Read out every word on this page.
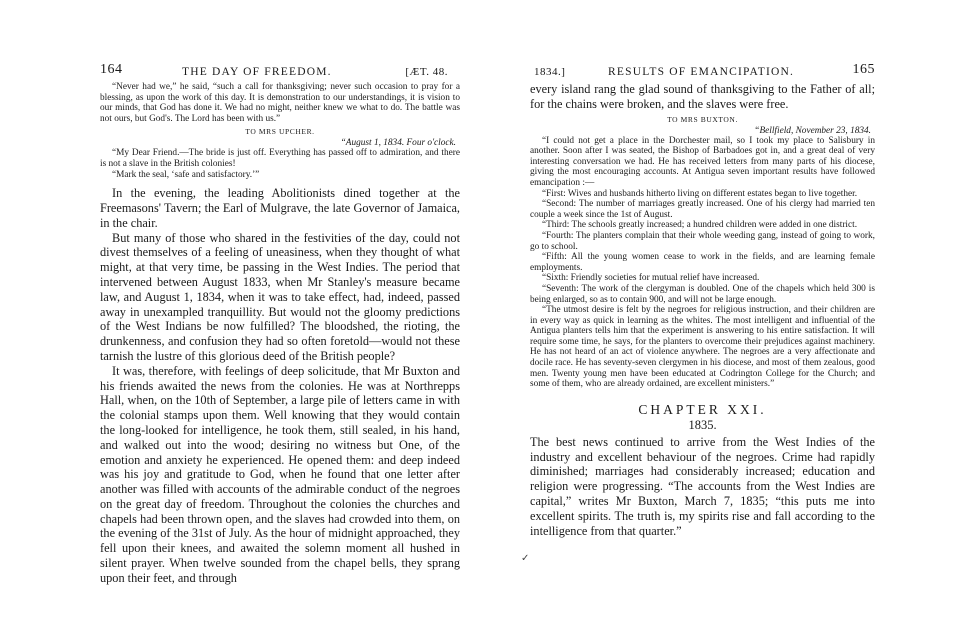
164	THE DAY OF FREEDOM.	[ÆT. 48.

“Never had we,” he said, “such a call for thanksgiving; never such occasion to pray for a blessing, as upon the work of this day. It is demonstration to our understandings, it is vision to our minds, that God has done it. We had no might, neither knew we what to do. The battle was not ours, but God's. The Lord has been with us.”

TO MRS UPCHER.
“August 1, 1834. Four o'clock.

“My Dear Friend.—The bride is just off. Everything has passed off to admiration, and there is not a slave in the British colonies!

“Mark the seal, ‘safe and satisfactory.’”

In the evening, the leading Abolitionists dined together at the Freemasons' Tavern; the Earl of Mulgrave, the late Governor of Jamaica, in the chair.

But many of those who shared in the festivities of the day, could not divest themselves of a feeling of uneasiness, when they thought of what might, at that very time, be passing in the West Indies. The period that intervened between August 1833, when Mr Stanley's measure became law, and August 1, 1834, when it was to take effect, had, indeed, passed away in unexampled tranquillity. But would not the gloomy predictions of the West Indians be now fulfilled? The bloodshed, the rioting, the drunkenness, and confusion they had so often foretold—would not these tarnish the lustre of this glorious deed of the British people?

It was, therefore, with feelings of deep solicitude, that Mr Buxton and his friends awaited the news from the colonies. He was at Northrepps Hall, when, on the 10th of September, a large pile of letters came in with the colonial stamps upon them. Well knowing that they would contain the long-looked for intelligence, he took them, still sealed, in his hand, and walked out into the wood; desiring no witness but One, of the emotion and anxiety he experienced. He opened them: and deep indeed was his joy and gratitude to God, when he found that one letter after another was filled with accounts of the admirable conduct of the negroes on the great day of freedom. Throughout the colonies the churches and chapels had been thrown open, and the slaves had crowded into them, on the evening of the 31st of July. As the hour of midnight approached, they fell upon their knees, and awaited the solemn moment all hushed in silent prayer. When twelve sounded from the chapel bells, they sprang upon their feet, and through

1834.]	RESULTS OF EMANCIPATION.	165

every island rang the glad sound of thanksgiving to the Father of all; for the chains were broken, and the slaves were free.

TO MRS BUXTON.
“Bellfield, November 23, 1834.

“I could not get a place in the Dorchester mail, so I took my place to Salisbury in another. Soon after I was seated, the Bishop of Barbadoes got in, and a great deal of very interesting conversation we had. He has received letters from many parts of his diocese, giving the most encouraging accounts. At Antigua seven important results have followed emancipation :—

“First: Wives and husbands hitherto living on different estates began to live together.

“Second: The number of marriages greatly increased. One of his clergy had married ten couple a week since the 1st of August.

“Third: The schools greatly increased; a hundred children were added in one district.

“Fourth: The planters complain that their whole weeding gang, instead of going to work, go to school.

“Fifth: All the young women cease to work in the fields, and are learning female employments.

“Sixth: Friendly societies for mutual relief have increased.

“Seventh: The work of the clergyman is doubled. One of the chapels which held 300 is being enlarged, so as to contain 900, and will not be large enough.

“The utmost desire is felt by the negroes for religious instruction, and their children are in every way as quick in learning as the whites. The most intelligent and influential of the Antigua planters tells him that the experiment is answering to his entire satisfaction. It will require some time, he says, for the planters to overcome their prejudices against machinery. He has not heard of an act of violence anywhere. The negroes are a very affectionate and docile race. He has seventy-seven clergymen in his diocese, and most of them zealous, good men. Twenty young men have been educated at Codrington College for the Church; and some of them, who are already ordained, are excellent ministers.”

CHAPTER XXI.
1835.

The best news continued to arrive from the West Indies of the industry and excellent behaviour of the negroes. Crime had rapidly diminished; marriages had considerably increased; education and religion were progressing. “The accounts from the West Indies are capital,” writes Mr Buxton, March 7, 1835; “this puts me into excellent spirits. The truth is, my spirits rise and fall according to the intelligence from that quarter.”

✓
